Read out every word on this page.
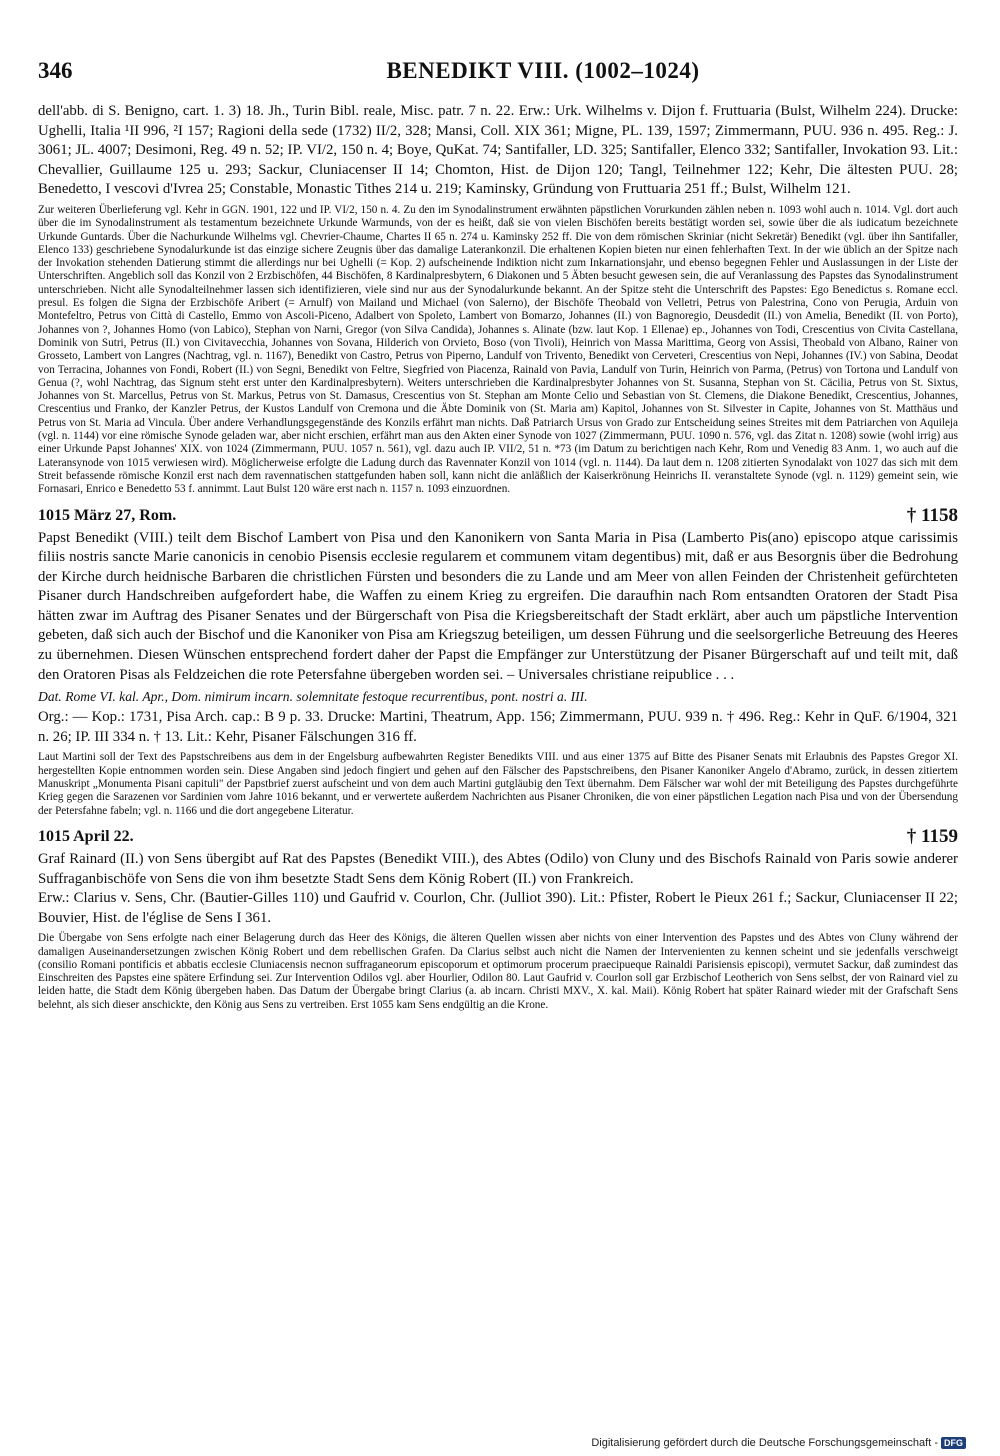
346	BENEDIKT VIII. (1002–1024)

dell'abb. di S. Benigno, cart. 1. 3) 18. Jh., Turin Bibl. reale, Misc. patr. 7 n. 22. Erw.: Urk. Wilhelms v. Dijon f. Fruttuaria (Bulst, Wilhelm 224). Drucke: Ughelli, Italia ¹II 996, ²I 157; Ragioni della sede (1732) II/2, 328; Mansi, Coll. XIX 361; Migne, PL. 139, 1597; Zimmermann, PUU. 936 n. 495. Reg.: J. 3061; JL. 4007; Desimoni, Reg. 49 n. 52; IP. VI/2, 150 n. 4; Boye, QuKat. 74; Santifaller, LD. 325; Santifaller, Elenco 332; Santifaller, Invokation 93. Lit.: Chevallier, Guillaume 125 u. 293; Sackur, Cluniacenser II 14; Chomton, Hist. de Dijon 120; Tangl, Teilnehmer 122; Kehr, Die ältesten PUU. 28; Benedetto, I vescovi d'Ivrea 25; Constable, Monastic Tithes 214 u. 219; Kaminsky, Gründung von Fruttuaria 251 ff.; Bulst, Wilhelm 121.

Zur weiteren Überlieferung vgl. Kehr in GGN. 1901, 122 und IP. VI/2, 150 n. 4. Zu den im Synodalinstrument erwähnten päpstlichen Vorurkunden zählen neben n. 1093 wohl auch n. 1014. Vgl. dort auch über die im Synodalinstrument als testamentum bezeichnete Urkunde Warmunds, von der es heißt, daß sie von vielen Bischöfen bereits bestätigt worden sei, sowie über die als iudicatum bezeichnete Urkunde Guntards. Über die Nachurkunde Wilhelms vgl. Chevrier-Chaume, Chartes II 65 n. 274 u. Kaminsky 252 ff. Die von dem römischen Skriniar (nicht Sekretär) Benedikt (vgl. über ihn Santifaller, Elenco 133) geschriebene Synodalurkunde ist das einzige sichere Zeugnis über das damalige Laterankonzil. Die erhaltenen Kopien bieten nur einen fehlerhaften Text. In der wie üblich an der Spitze nach der Invokation stehenden Datierung stimmt die allerdings nur bei Ughelli (= Kop. 2) aufscheinende Indiktion nicht zum Inkarnationsjahr, und ebenso begegnen Fehler und Auslassungen in der Liste der Unterschriften. Angeblich soll das Konzil von 2 Erzbischöfen, 44 Bischöfen, 8 Kardinalpresbytern, 6 Diakonen und 5 Äbten besucht gewesen sein, die auf Veranlassung des Papstes das Synodalinstrument unterschrieben. Nicht alle Synodalteilnehmer lassen sich identifizieren, viele sind nur aus der Synodalurkunde bekannt. An der Spitze steht die Unterschrift des Papstes: Ego Benedictus s. Romane eccl. presul. Es folgen die Signa der Erzbischöfe Aribert (= Arnulf) von Mailand und Michael (von Salerno), der Bischöfe Theobald von Velletri, Petrus von Palestrina, Cono von Perugia, Arduin von Montefeltro, Petrus von Città di Castello, Emmo von Ascoli-Piceno, Adalbert von Spoleto, Lambert von Bomarzo, Johannes (II.) von Bagnoregio, Deusdedit (II.) von Amelia, Benedikt (II. von Porto), Johannes von ?, Johannes Homo (von Labico), Stephan von Narni, Gregor (von Silva Candida), Johannes s. Alinate (bzw. laut Kop. 1 Ellenae) ep., Johannes von Todi, Crescentius von Civita Castellana, Dominik von Sutri, Petrus (II.) von Civitavecchia, Johannes von Sovana, Hilderich von Orvieto, Boso (von Tivoli), Heinrich von Massa Marittima, Georg von Assisi, Theobald von Albano, Rainer von Grosseto, Lambert von Langres (Nachtrag, vgl. n. 1167), Benedikt von Castro, Petrus von Piperno, Landulf von Trivento, Benedikt von Cerveteri, Crescentius von Nepi, Johannes (IV.) von Sabina, Deodat von Terracina, Johannes von Fondi, Robert (II.) von Segni, Benedikt von Feltre, Siegfried von Piacenza, Rainald von Pavia, Landulf von Turin, Heinrich von Parma, (Petrus) von Tortona und Landulf von Genua (?, wohl Nachtrag, das Signum steht erst unter den Kardinalpresbytern). Weiters unterschrieben die Kardinalpresbyter Johannes von St. Susanna, Stephan von St. Cäcilia, Petrus von St. Sixtus, Johannes von St. Marcellus, Petrus von St. Markus, Petrus von St. Damasus, Crescentius von St. Stephan am Monte Celio und Sebastian von St. Clemens, die Diakone Benedikt, Crescentius, Johannes, Crescentius und Franko, der Kanzler Petrus, der Kustos Landulf von Cremona und die Äbte Dominik von (St. Maria am) Kapitol, Johannes von St. Silvester in Capite, Johannes von St. Matthäus und Petrus von St. Maria ad Vinculа. Über andere Verhandlungsgegenstände des Konzils erfährt man nichts. Daß Patriarch Ursus von Grado zur Entscheidung seines Streites mit dem Patriarchen von Aquileja (vgl. n. 1144) vor eine römische Synode geladen war, aber nicht erschien, erfährt man aus den Akten einer Synode von 1027 (Zimmermann, PUU. 1090 n. 576, vgl. das Zitat n. 1208) sowie (wohl irrig) aus einer Urkunde Papst Johannes' XIX. von 1024 (Zimmermann, PUU. 1057 n. 561), vgl. dazu auch IP. VII/2, 51 n. *73 (im Datum zu berichtigen nach Kehr, Rom und Venedig 83 Anm. 1, wo auch auf die Lateransynode von 1015 verwiesen wird). Möglicherweise erfolgte die Ladung durch das Ravennater Konzil von 1014 (vgl. n. 1144). Da laut dem n. 1208 zitierten Synodalakt von 1027 das sich mit dem Streit befassende römische Konzil erst nach dem ravennatischen stattgefunden haben soll, kann nicht die anläßlich der Kaiserkrönung Heinrichs II. veranstaltete Synode (vgl. n. 1129) gemeint sein, wie Fornasari, Enrico e Benedetto 53 f. annimmt. Laut Bulst 120 wäre erst nach n. 1157 n. 1093 einzuordnen.

1015 März 27, Rom.	† 1158

Papst Benedikt (VIII.) teilt dem Bischof Lambert von Pisa und den Kanonikern von Santa Maria in Pisa (Lamberto Pis(ano) episcopo atque carissimis filiis nostris sancte Marie canonicis in cenobio Pisensis ecclesie regularem et communem vitam degentibus) mit, daß er aus Besorgnis über die Bedrohung der Kirche durch heidnische Barbaren die christlichen Fürsten und besonders die zu Lande und am Meer von allen Feinden der Christenheit gefürchteten Pisaner durch Handschreiben aufgefordert habe, die Waffen zu einem Krieg zu ergreifen. Die daraufhin nach Rom entsandten Oratoren der Stadt Pisa hätten zwar im Auftrag des Pisaner Senates und der Bürgerschaft von Pisa die Kriegsbereitschaft der Stadt erklärt, aber auch um päpstliche Intervention gebeten, daß sich auch der Bischof und die Kanoniker von Pisa am Kriegszug beteiligen, um dessen Führung und die seelsorgerliche Betreuung des Heeres zu übernehmen. Diesen Wünschen entsprechend fordert daher der Papst die Empfänger zur Unterstützung der Pisaner Bürgerschaft auf und teilt mit, daß den Oratoren Pisas als Feldzeichen die rote Petersfahne übergeben worden sei. – Universales christiane reipublice . . .

Dat. Rome VI. kal. Apr., Dom. nimirum incarn. solemnitate festoque recurrentibus, pont. nostri a. III.

Org.: — Kop.: 1731, Pisa Arch. cap.: B 9 p. 33. Drucke: Martini, Theatrum, App. 156; Zimmermann, PUU. 939 n. † 496. Reg.: Kehr in QuF. 6/1904, 321 n. 26; IP. III 334 n. † 13. Lit.: Kehr, Pisaner Fälschungen 316 ff.

Laut Martini soll der Text des Papstschreibens aus dem in der Engelsburg aufbewahrten Register Benedikts VIII. und aus einer 1375 auf Bitte des Pisaner Senats mit Erlaubnis des Papstes Gregor XI. hergestellten Kopie entnommen worden sein. Diese Angaben sind jedoch fingiert und gehen auf den Fälscher des Papstschreibens, den Pisaner Kanoniker Angelo d'Abramo, zurück, in dessen zitiertem Manuskript „Monumenta Pisani capituli" der Papstbrief zuerst aufscheint und von dem auch Martini gutgläubig den Text übernahm. Dem Fälscher war wohl der mit Beteiligung des Papstes durchgeführte Krieg gegen die Sarazenen vor Sardinien vom Jahre 1016 bekannt, und er verwertete außerdem Nachrichten aus Pisaner Chroniken, die von einer päpstlichen Legation nach Pisa und von der Übersendung der Petersfahne fabeln; vgl. n. 1166 und die dort angegebene Literatur.

1015 April 22.	† 1159

Graf Rainard (II.) von Sens übergibt auf Rat des Papstes (Benedikt VIII.), des Abtes (Odilo) von Cluny und des Bischofs Rainald von Paris sowie anderer Suffraganbischöfe von Sens die von ihm besetzte Stadt Sens dem König Robert (II.) von Frankreich.

Erw.: Clarius v. Sens, Chr. (Bautier-Gilles 110) und Gaufrid v. Courlon, Chr. (Julliot 390). Lit.: Pfister, Robert le Pieux 261 f.; Sackur, Cluniacenser II 22; Bouvier, Hist. de l'église de Sens I 361.

Die Übergabe von Sens erfolgte nach einer Belagerung durch das Heer des Königs, die älteren Quellen wissen aber nichts von einer Intervention des Papstes und des Abtes von Cluny während der damaligen Auseinandersetzungen zwischen König Robert und dem rebellischen Grafen. Da Clarius selbst auch nicht die Namen der Intervenienten zu kennen scheint und sie jedenfalls verschweigt (consilio Romani pontificis et abbatis ecclesie Cluniacensis necnon suffraganeorum episcoporum et optimorum procerum praecipueque Rainaldi Parisiensis episcopi), vermutet Sackur, daß zumindest das Einschreiten des Papstes eine spätere Erfindung sei. Zur Intervention Odilos vgl. aber Hourlier, Odilon 80. Laut Gaufrid v. Courlon soll gar Erzbischof Leotherich von Sens selbst, der von Rainard viel zu leiden hatte, die Stadt dem König übergeben haben. Das Datum der Übergabe bringt Clarius (a. ab incarn. Christi MXV., X. kal. Maii). König Robert hat später Rainard wieder mit der Grafschaft Sens belehnt, als sich dieser anschickte, den König aus Sens zu vertreiben. Erst 1055 kam Sens endgültig an die Krone.

Digitalisierung gefördert durch die Deutsche Forschungsgemeinschaft - DFG
